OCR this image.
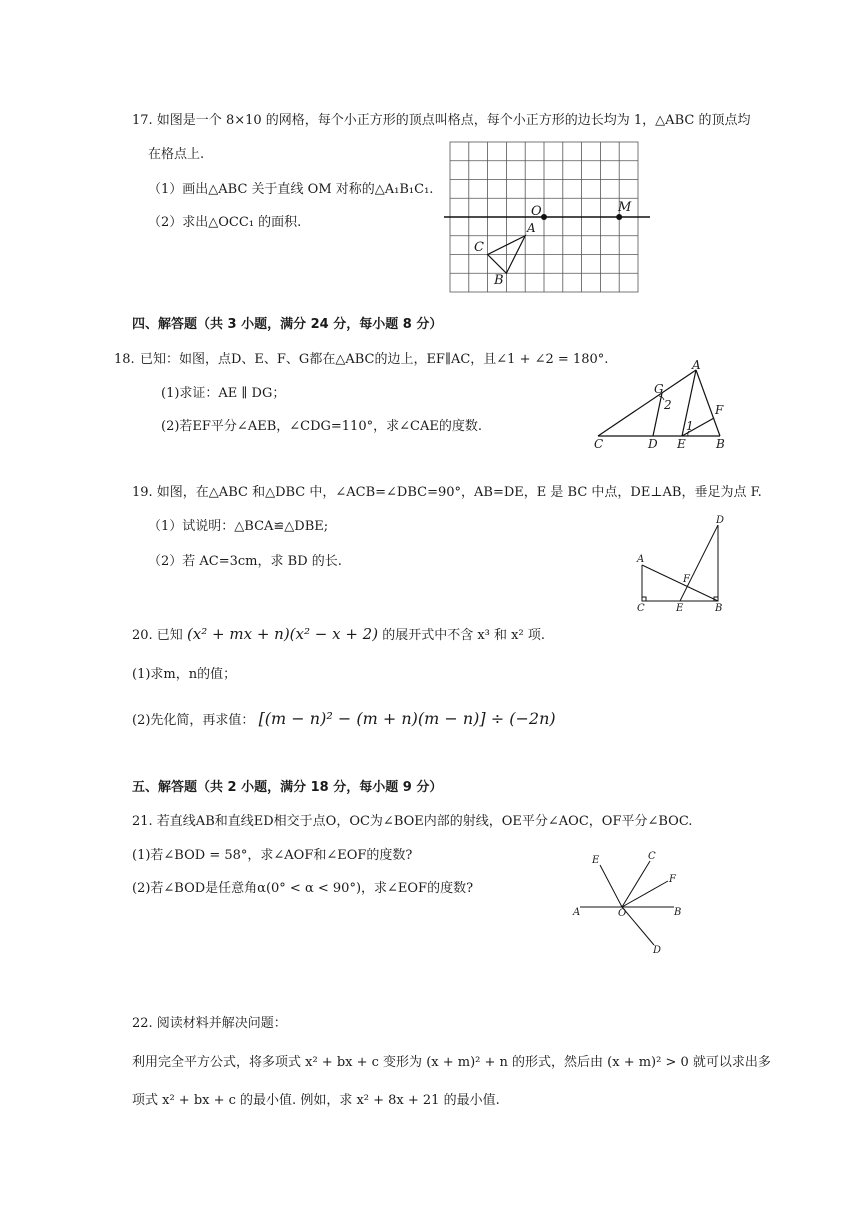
17. 如图是一个 8×10 的网格，每个小正方形的顶点叫格点，每个小正方形的边长均为 1，△ABC 的顶点均
在格点上.
（1）画出△ABC 关于直线 OM 对称的△A₁B₁C₁.
（2）求出△OCC₁ 的面积.
O	M
A
C
B
四、解答题（共 3 小题，满分 24 分，每小题 8 分）
18. 已知：如图，点D、E、F、G都在△ABC的边上，EF∥AC，且∠1 + ∠2 = 180°.
(1)求证：AE ∥ DG；
(2)若EF平分∠AEB，∠CDG=110°，求∠CAE的度数.
A
G
2	F
1
C	D E	B
19. 如图，在△ABC 和△DBC 中，∠ACB=∠DBC=90°，AB=DE，E 是 BC 中点，DE⊥AB，垂足为点 F.
（1）试说明：△BCA≌△DBE;
（2）若 AC=3cm，求 BD 的长.
D
A
F
C	E	B
20. 已知 (x² + mx + n)(x² − x + 2) 的展开式中不含 x³ 和 x² 项.
(1)求m，n的值；
(2)先化简，再求值： [(m − n)² − (m + n)(m − n)] ÷ (−2n)
五、解答题（共 2 小题，满分 18 分，每小题 9 分）
21. 若直线AB和直线ED相交于点O，OC为∠BOE内部的射线，OE平分∠AOC，OF平分∠BOC.
(1)若∠BOD = 58°，求∠AOF和∠EOF的度数?
(2)若∠BOD是任意角α(0° < α < 90°)，求∠EOF的度数?
E	C
F
A	O	B
D
22. 阅读材料并解决问题：
利用完全平方公式，将多项式 x² + bx + c 变形为 (x + m)² + n 的形式，然后由 (x + m)² > 0 就可以求出多
项式 x² + bx + c 的最小值. 例如，求 x² + 8x + 21 的最小值.
